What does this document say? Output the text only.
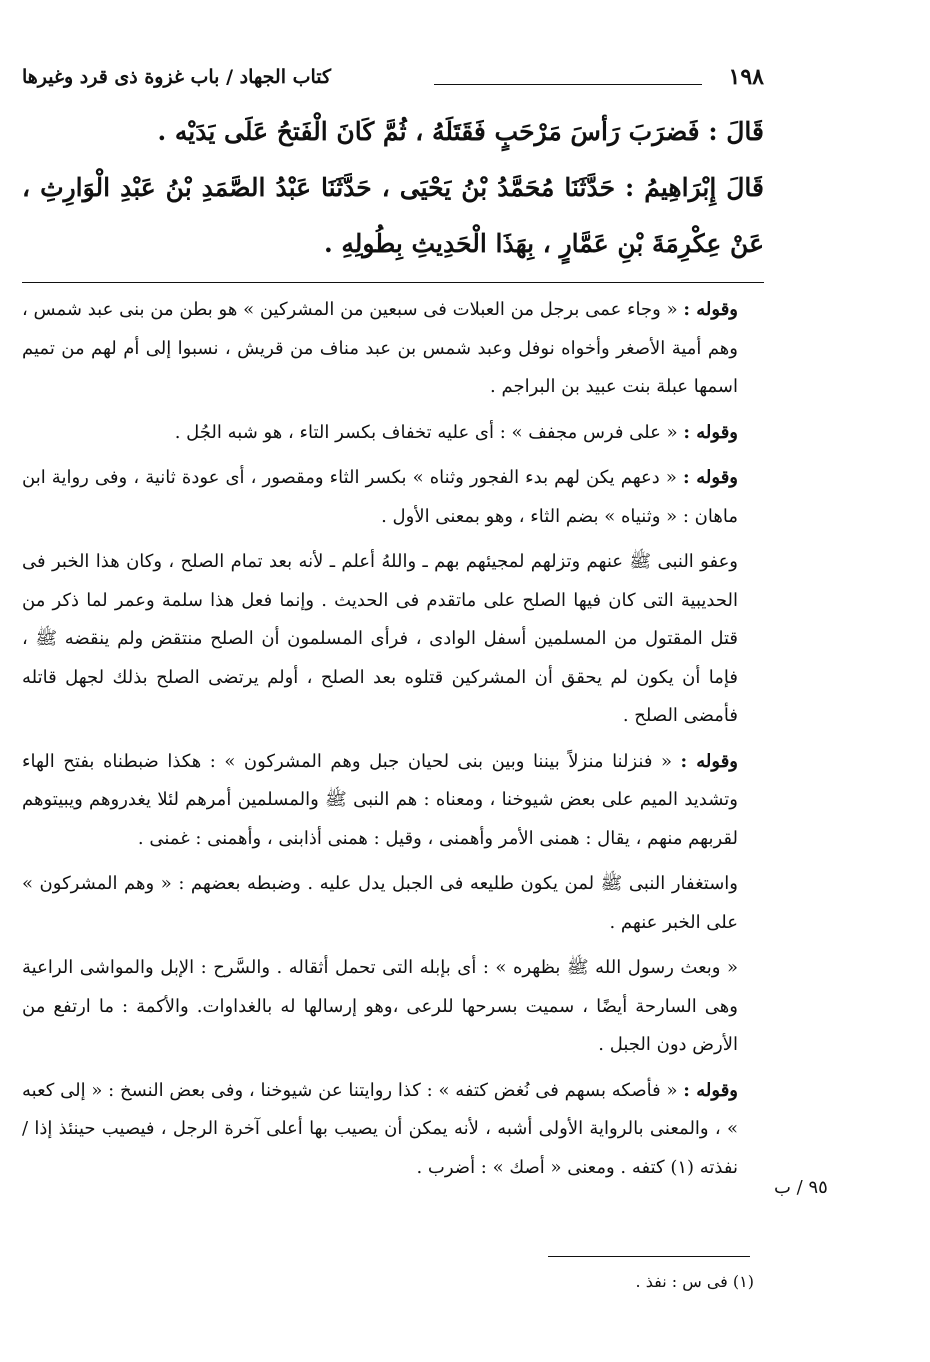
١٩٨
كتاب الجهاد / باب غزوة ذى قرد وغيرها

قَالَ : فَضرَبَ رَأسَ مَرْحَبٍ فَقَتَلَهُ ، ثُمَّ كَانَ الْفَتحُ عَلَى يَدَيْه .

قَالَ إِبْرَاهِيمُ : حَدَّثَنَا مُحَمَّدُ بْنُ يَحْيَى ، حَدَّثَنَا عَبْدُ الصَّمَدِ بْنُ عَبْدِ الْوَارِثِ ، عَنْ عِكْرِمَةَ بْنِ عَمَّارٍ ، بِهَذَا الْحَدِيثِ بِطُولِهِ .

وقوله : « وجاء عمى برجل من العبلات فى سبعين من المشركين » هو بطن من بنى عبد شمس ، وهم أمية الأصغر وأخواه نوفل وعبد شمس بن عبد مناف من قريش ، نسبوا إلى أم لهم من تميم اسمها عبلة بنت عبيد بن البراجم .

وقوله : « على فرس مجفف » : أى عليه تخفاف بكسر التاء ، هو شبه الجُل .

وقوله : « دعهم يكن لهم بدء الفجور وثناه » بكسر الثاء ومقصور ، أى عودة ثانية ، وفى رواية ابن ماهان : « وثنياه » بضم الثاء ، وهو بمعنى الأول .

وعفو النبى ﷺ عنهم وتزلهم لمجيئهم بهم ـ واللهُ أعلم ـ لأنه بعد تمام الصلح ، وكان هذا الخبر فى الحديبية التى كان فيها الصلح على ماتقدم فى الحديث . وإنما فعل هذا سلمة وعمر لما ذكر من قتل المقتول من المسلمين أسفل الوادى ، فرأى المسلمون أن الصلح منتقض ولم ينقضه ﷺ ، فإما أن يكون لم يحقق أن المشركين قتلوه بعد الصلح ، أولم يرتضى الصلح بذلك لجهل قاتله فأمضى الصلح .

وقوله : « فنزلنا منزلاً بيننا وبين بنى لحيان جبل وهم المشركون » : هكذا ضبطناه بفتح الهاء وتشديد الميم على بعض شيوخنا ، ومعناه : هم النبى ﷺ والمسلمين أمرهم لئلا يغدروهم ويبيتوهم لقربهم منهم ، يقال : همنى الأمر وأهمنى ، وقيل : همنى أذابنى ، وأهمنى : غمنى .

واستغفار النبى ﷺ لمن يكون طليعه فى الجبل يدل عليه . وضبطه بعضهم : « وهم المشركون » على الخبر عنهم .

« وبعث رسول الله ﷺ بظهره » : أى بإبله التى تحمل أثقاله . والسَّرح : الإبل والمواشى الراعية وهى السارحة أيضًا ، سميت بسرحها للرعى ،وهو إرسالها له بالغداوات. والأكمة : ما ارتفع من الأرض دون الجبل .

وقوله : « فأصكه بسهم فى نُغض كتفه » : كذا روايتنا عن شيوخنا ، وفى بعض النسخ : « إلى كعبه » ، والمعنى بالرواية الأولى أشبه ، لأنه يمكن أن يصيب بها أعلى آخرة الرجل ، فيصيب حينئذ إذا / نفذته (١) كتفه . ومعنى « أصك » : أضرب .

٩٥ / ب
(١) فى س : نفذ .
